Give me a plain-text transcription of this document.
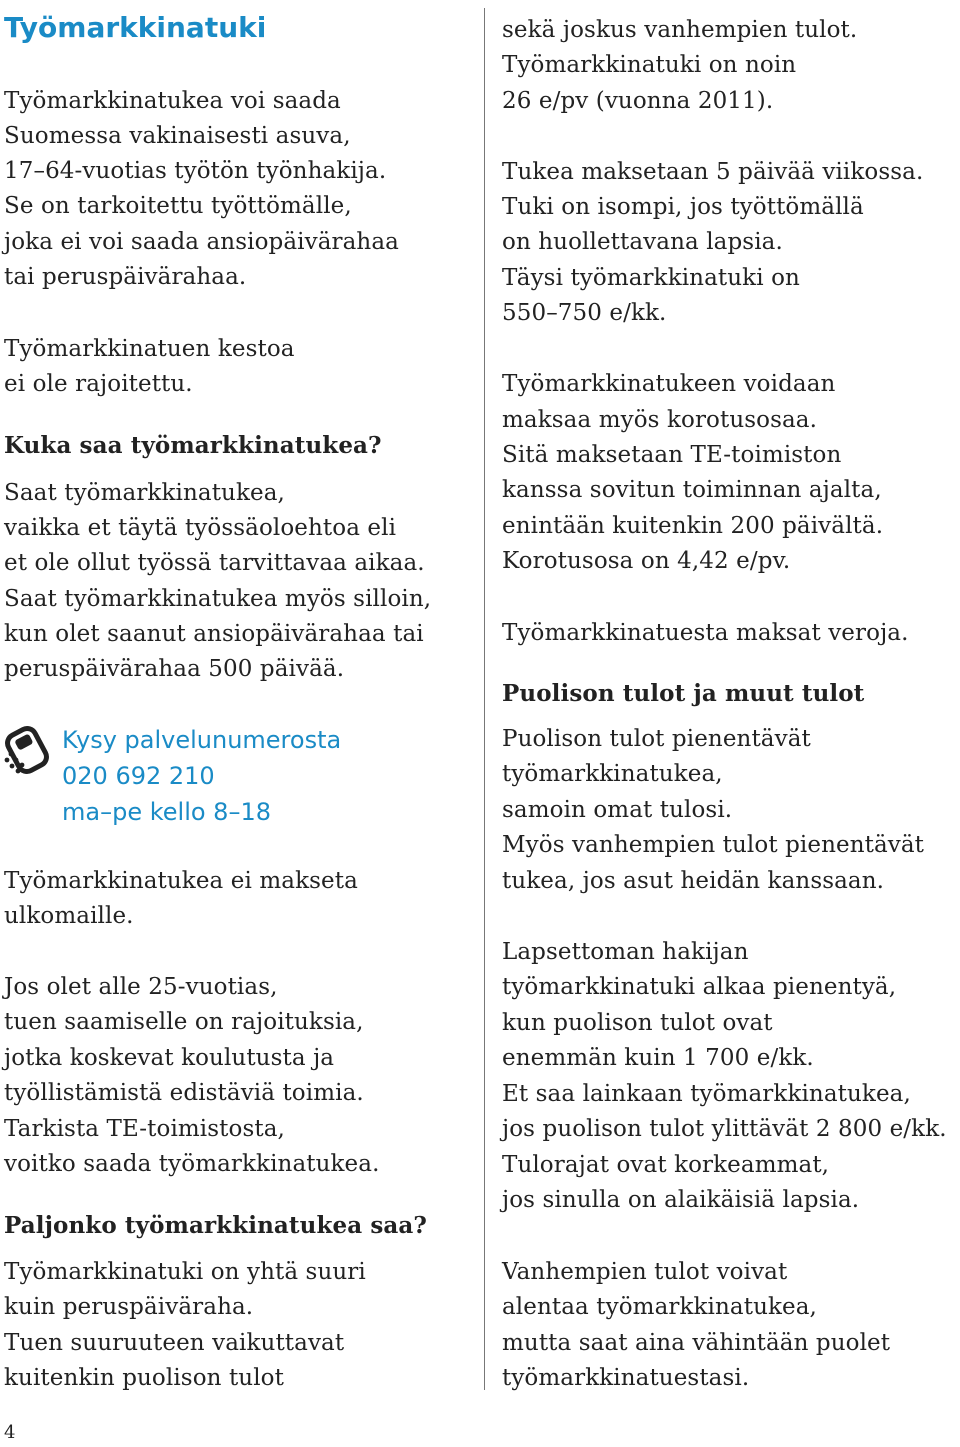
Työmarkkinatuki
Työmarkkinatukea voi saada
Suomessa vakinaisesti asuva,
17–64-vuotias työtön työnhakija.
Se on tarkoitettu työttömälle,
joka ei voi saada ansiopäivärahaa
tai peruspäivärahaa.
Työmarkkinatuen kestoa
ei ole rajoitettu.
Kuka saa työmarkkinatukea?
Saat työmarkkinatukea,
vaikka et täytä työssäoloehtoa eli
et ole ollut työssä tarvittavaa aikaa.
Saat työmarkkinatukea myös silloin,
kun olet saanut ansiopäivärahaa tai
peruspäivärahaa 500 päivää.
Kysy palvelunumerosta
020 692 210
ma–pe kello 8–18
Työmarkkinatukea ei makseta
ulkomaille.
Jos olet alle 25-vuotias,
tuen saamiselle on rajoituksia,
jotka koskevat koulutusta ja
työllistämistä edistäviä toimia.
Tarkista TE-toimistosta,
voitko saada työmarkkinatukea.
Paljonko työmarkkinatukea saa?
Työmarkkinatuki on yhtä suuri
kuin peruspäiväraha.
Tuen suuruuteen vaikuttavat
kuitenkin puolison tulot
sekä joskus vanhempien tulot.
Työmarkkinatuki on noin
26 e/pv (vuonna 2011).
Tukea maksetaan 5 päivää viikossa.
Tuki on isompi, jos työttömällä
on huollettavana lapsia.
Täysi työmarkkinatuki on
550–750 e/kk.
Työmarkkinatukeen voidaan
maksaa myös korotusosaa.
Sitä maksetaan TE-toimiston
kanssa sovitun toiminnan ajalta,
enintään kuitenkin 200 päivältä.
Korotusosa on 4,42 e/pv.
Työmarkkinatuesta maksat veroja.
Puolison tulot ja muut tulot
Puolison tulot pienentävät
työmarkkinatukea,
samoin omat tulosi.
Myös vanhempien tulot pienentävät
tukea, jos asut heidän kanssaan.
Lapsettoman hakijan
työmarkkinatuki alkaa pienentyä,
kun puolison tulot ovat
enemmän kuin 1 700 e/kk.
Et saa lainkaan työmarkkinatukea,
jos puolison tulot ylittävät 2 800 e/kk.
Tulorajat ovat korkeammat,
jos sinulla on alaikäisiä lapsia.
Vanhempien tulot voivat
alentaa työmarkkinatukea,
mutta saat aina vähintään puolet
työmarkkinatuestasi.

4
